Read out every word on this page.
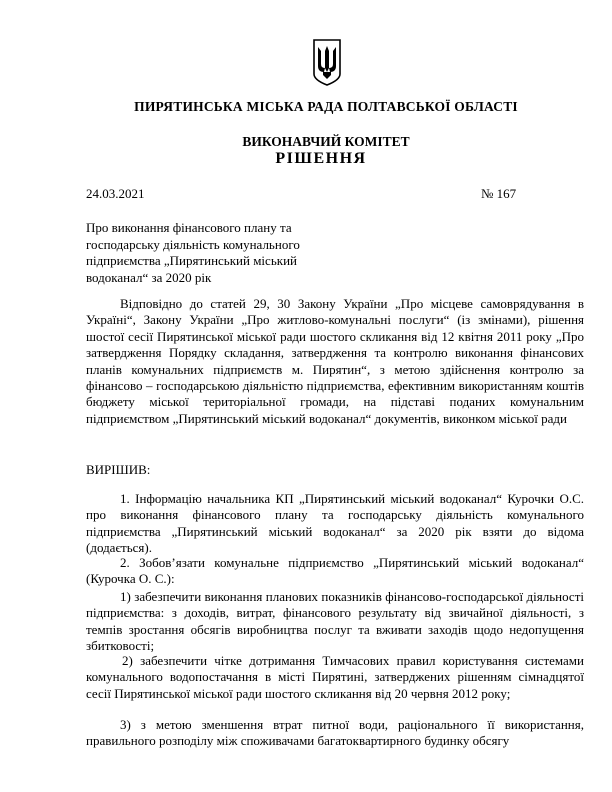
ПИРЯТИНСЬКА МІСЬКА РАДА ПОЛТАВСЬКОЇ ОБЛАСТІ
ВИКОНАВЧИЙ КОМІТЕТ
РІШЕННЯ
24.03.2021	№ 167
Про виконання фінансового плану та господарську діяльність комунального підприємства „Пирятинський міський водоканал“ за 2020 рік
Відповідно до статей 29, 30 Закону України „Про місцеве самоврядування в Україні“, Закону України „Про житлово-комунальні послуги“ (із змінами), рішення шостої сесії Пирятинської міської ради шостого скликання від 12 квітня 2011 року „Про затвердження Порядку складання, затвердження та контролю виконання фінансових планів комунальних підприємств м. Пирятин“, з метою здійснення контролю за фінансово – господарською діяльністю підприємства, ефективним використанням коштів бюджету міської територіальної громади, на підставі поданих комунальним підприємством „Пирятинський міський водоканал“ документів, виконком міської ради
ВИРІШИВ:
1. Інформацію начальника КП „Пирятинський міський водоканал“ Курочки О.С. про виконання фінансового плану та господарську діяльність комунального підприємства „Пирятинський міський водоканал“ за 2020 рік взяти до відома (додається).
2. Зобов’язати комунальне підприємство „Пирятинський міський водоканал“ (Курочка О. С.):
1) забезпечити виконання планових показників фінансово-господарської діяльності підприємства: з доходів, витрат, фінансового результату від звичайної діяльності, з темпів зростання обсягів виробництва послуг та вживати заходів щодо недопущення збитковості;
2) забезпечити чітке дотримання Тимчасових правил користування системами комунального водопостачання в місті Пирятині, затверджених рішенням сімнадцятої сесії Пирятинської міської ради шостого скликання від 20 червня 2012 року;
3) з метою зменшення втрат питної води, раціонального її використання, правильного розподілу між споживачами багатоквартирного будинку обсягу
